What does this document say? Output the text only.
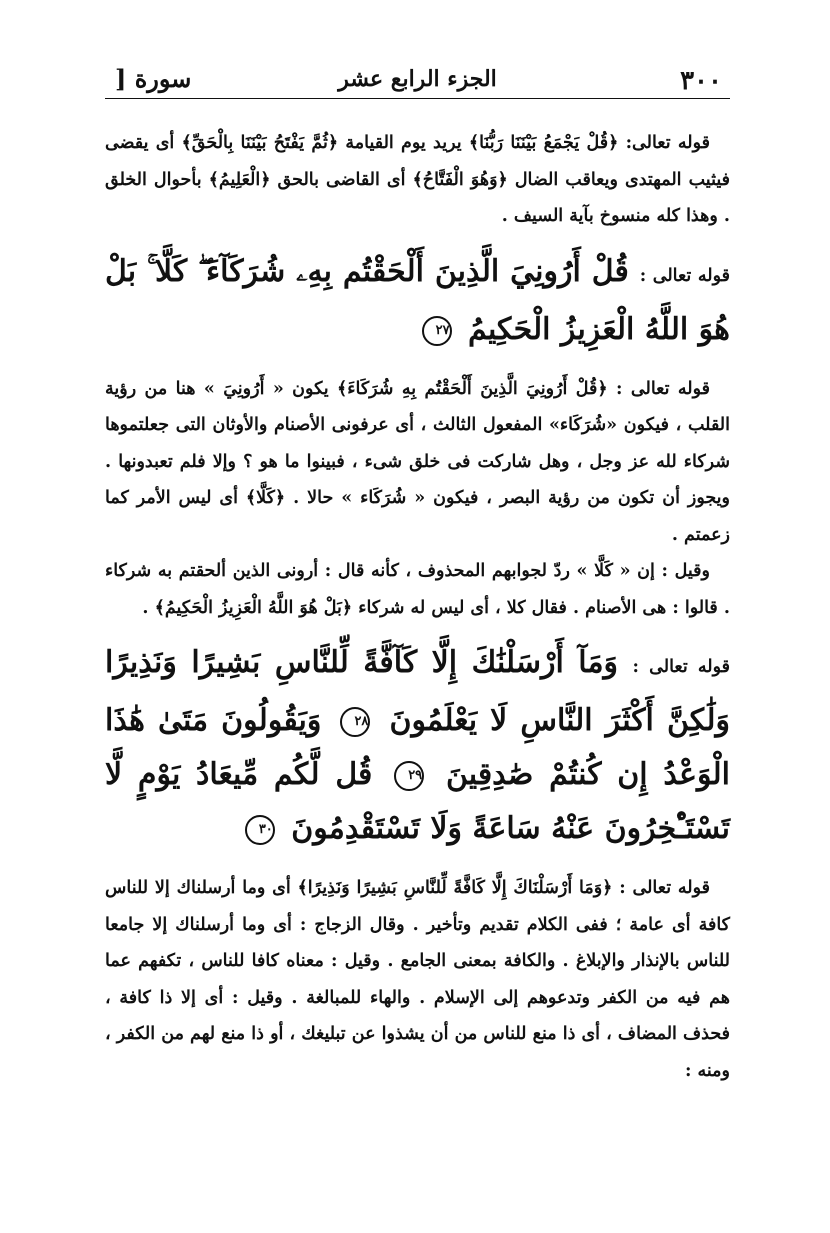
٣٠٠
الجزء الرابع عشر
سورة [

قوله تعالى: ﴿قُلْ يَجْمَعُ بَيْنَنَا رَبُّنَا﴾ يريد يوم القيامة ﴿ثُمَّ يَفْتَحُ بَيْنَنَا بِالْحَقِّ﴾ أى يقضى فيثيب المهتدى ويعاقب الضال ﴿وَهُوَ الْفَتَّاحُ﴾ أى القاضى بالحق ﴿الْعَلِيمُ﴾ بأحوال الخلق . وهذا كله منسوخ بآية السيف .

قوله تعالى : قُلْ أَرُونِيَ الَّذِينَ أَلْحَقْتُم بِهِۦ شُرَكَآءَ ۖ كَلَّا ۚ بَلْ هُوَ اللَّهُ الْعَزِيزُ الْحَكِيمُ ٢٧

قوله تعالى : ﴿قُلْ أَرُونِيَ الَّذِينَ أَلْحَقْتُم بِهِ شُرَكَاءَ﴾ يكون « أَرُونِيَ » هنا من رؤية القلب ، فيكون «شُرَكَاء» المفعول الثالث ، أى عرفونى الأصنام والأوثان التى جعلتموها شركاء لله عز وجل ، وهل شاركت فى خلق شىء ، فبينوا ما هو ؟ وإلا فلم تعبدونها . ويجوز أن تكون من رؤية البصر ، فيكون « شُرَكَاء » حالا . ﴿كَلَّا﴾ أى ليس الأمر كما زعمتم .

وقيل : إن « كَلَّا » ردّ لجوابهم المحذوف ، كأنه قال : أرونى الذين ألحقتم به شركاء . قالوا : هى الأصنام . فقال كلا ، أى ليس له شركاء ﴿بَلْ هُوَ اللَّهُ الْعَزِيزُ الْحَكِيمُ﴾ .

قوله تعالى : وَمَآ أَرْسَلْنَٰكَ إِلَّا كَآفَّةً لِّلنَّاسِ بَشِيرًا وَنَذِيرًا وَلَٰكِنَّ أَكْثَرَ النَّاسِ لَا يَعْلَمُونَ ٢٨ وَيَقُولُونَ مَتَىٰ هَٰذَا الْوَعْدُ إِن كُنتُمْ صَٰدِقِينَ ٢٩ قُل لَّكُم مِّيعَادُ يَوْمٍ لَّا تَسْتَـْٔخِرُونَ عَنْهُ سَاعَةً وَلَا تَسْتَقْدِمُونَ ٣٠

قوله تعالى : ﴿وَمَا أَرْسَلْنَاكَ إِلَّا كَافَّةً لِّلنَّاسِ بَشِيرًا وَنَذِيرًا﴾ أى وما أرسلناك إلا للناس كافة أى عامة ؛ ففى الكلام تقديم وتأخير . وقال الزجاج : أى وما أرسلناك إلا جامعا للناس بالإنذار والإبلاغ . والكافة بمعنى الجامع . وقيل : معناه كافا للناس ، تكفهم عما هم فيه من الكفر وتدعوهم إلى الإسلام . والهاء للمبالغة . وقيل : أى إلا ذا كافة ، فحذف المضاف ، أى ذا منع للناس من أن يشذوا عن تبليغك ، أو ذا منع لهم من الكفر ، ومنه :
